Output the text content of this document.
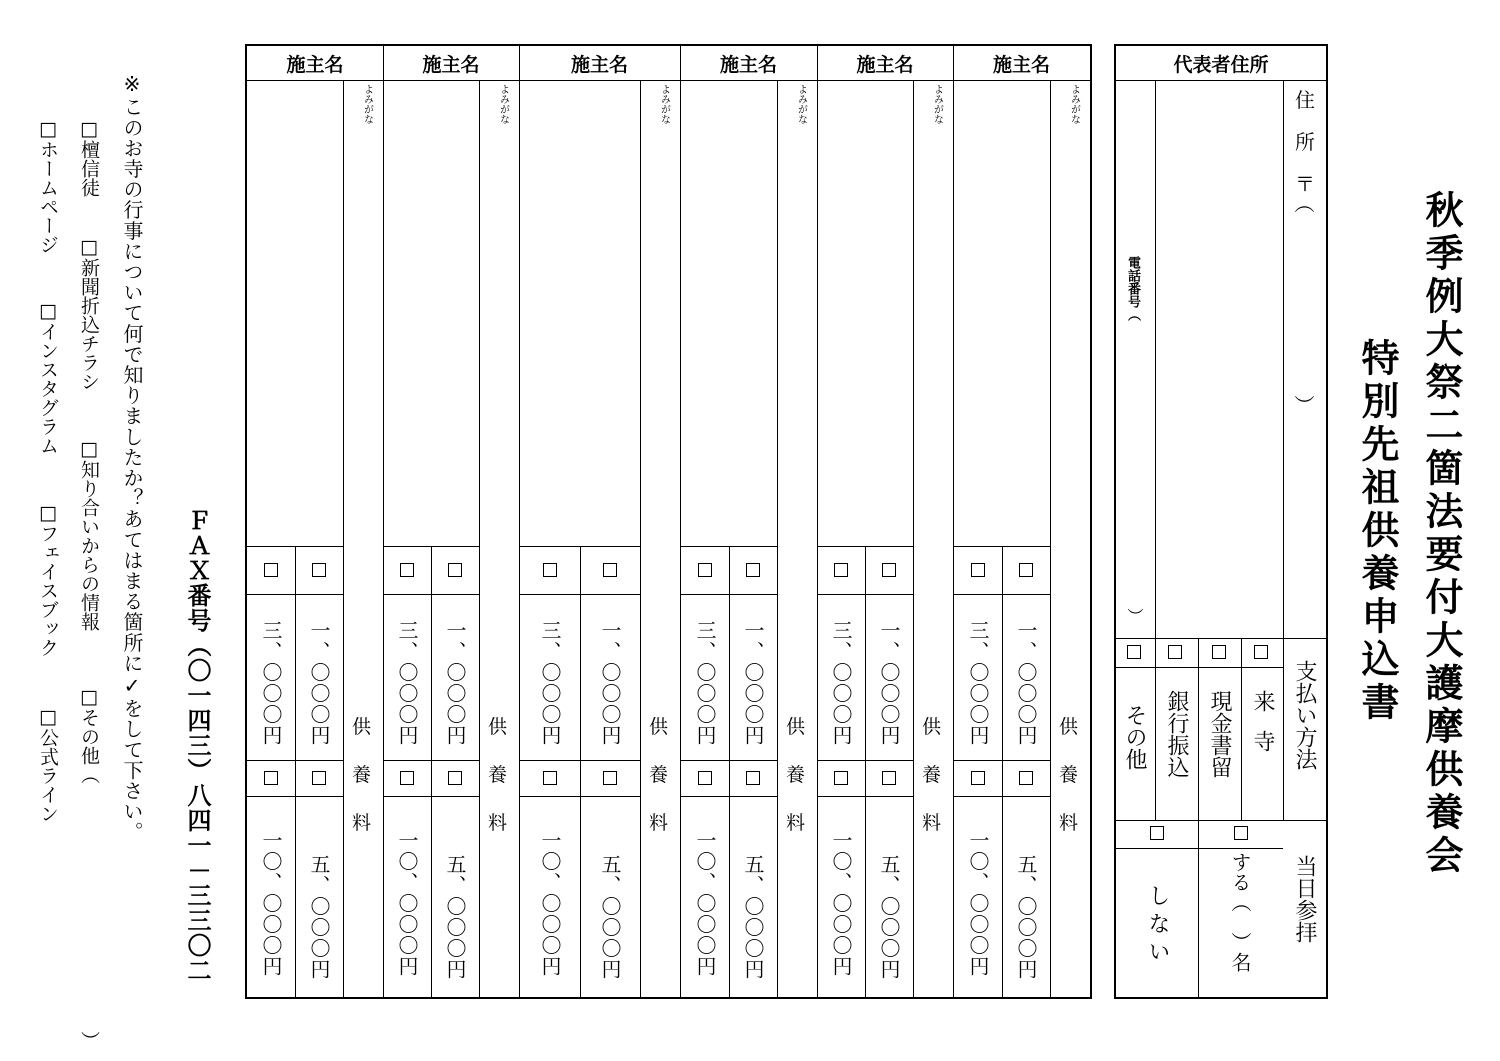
秋季例大祭二箇法要付大護摩供養会
特別先祖供養申込書
代表者住所
住
所
〒
（
）
電話番号（
）
支払い方法
来寺
現金書留
銀行振込
その他
当日参拝
する（　）名
しない
施主名
よみがな
三、〇〇〇円 一、〇〇〇円
一〇、〇〇〇円 五、〇〇〇円
供
養
料
施主名
よみがな
三、〇〇〇円 一、〇〇〇円
一〇、〇〇〇円 五、〇〇〇円
供
養
料
施主名
よみがな
三、〇〇〇円 一、〇〇〇円
一〇、〇〇〇円 五、〇〇〇円
供
養
料
施主名
よみがな
三、〇〇〇円 一、〇〇〇円
一〇、〇〇〇円 五、〇〇〇円
供
養
料
施主名
よみがな
三、〇〇〇円 一、〇〇〇円
一〇、〇〇〇円 五、〇〇〇円
供
養
料
施主名
よみがな
三、〇〇〇円 一、〇〇〇円
一〇、〇〇〇円 五、〇〇〇円
供
養
料
ＦＡＸ番号（〇一四三）八四一－三三〇二
※このお寺の行事について何で知りましたか？あてはまる箇所に✓をして下さい。
□檀信徒
□新聞折込チラシ
□知り合いからの情報
□その他（　　　　　　　　　　　　　）
□ホームページ
□インスタグラム
□フェイスブック
□公式ライン
